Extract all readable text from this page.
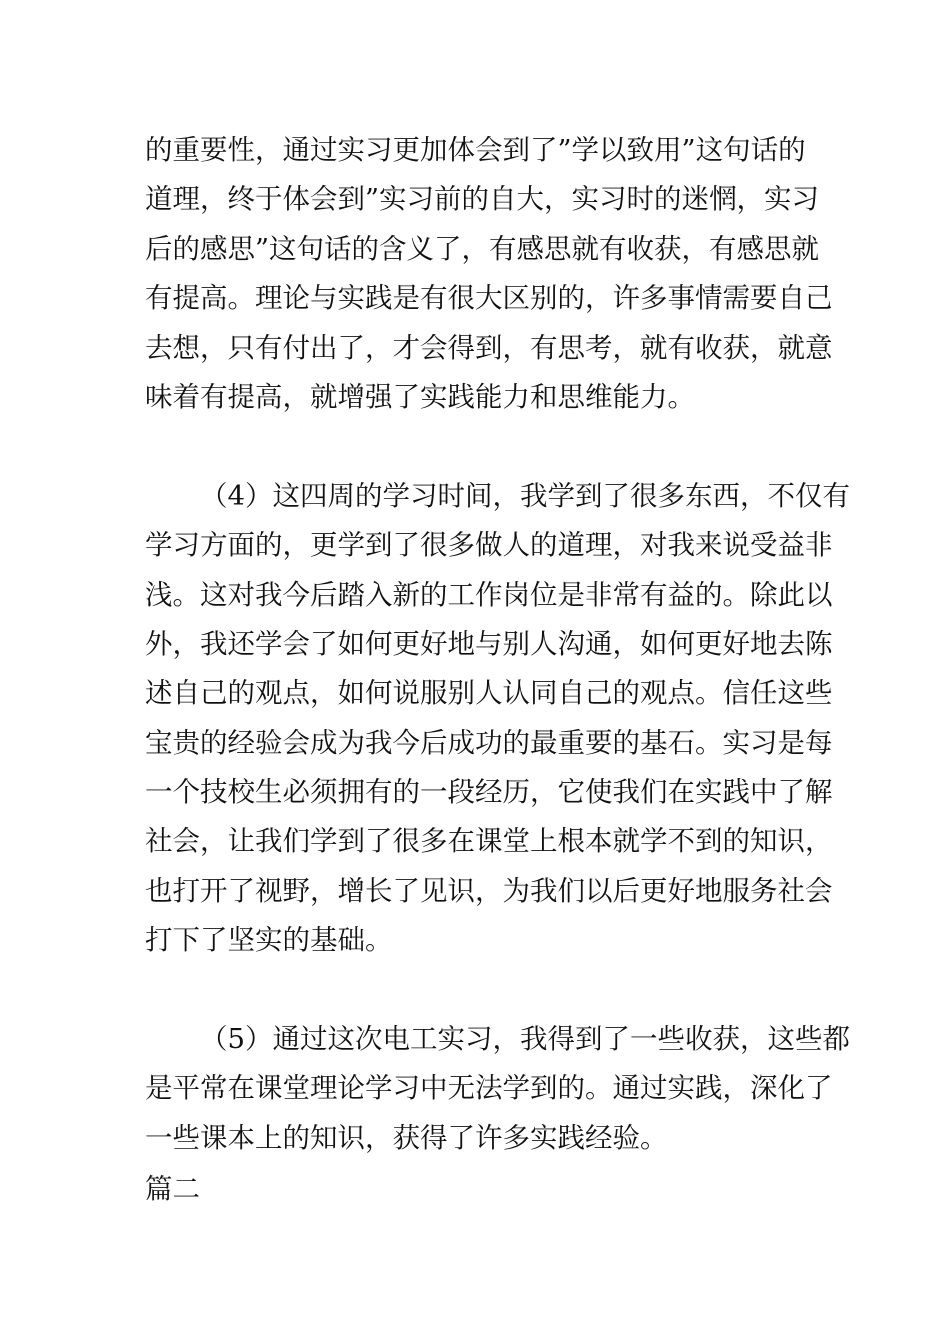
的重要性，通过实习更加体会到了”学以致用”这句话的
道理，终于体会到”实习前的自大，实习时的迷惘，实习
后的感思”这句话的含义了，有感思就有收获，有感思就
有提高。理论与实践是有很大区别的，许多事情需要自己
去想，只有付出了，才会得到，有思考，就有收获，就意
味着有提高，就增强了实践能力和思维能力。
（4）这四周的学习时间，我学到了很多东西，不仅有
学习方面的，更学到了很多做人的道理，对我来说受益非
浅。这对我今后踏入新的工作岗位是非常有益的。除此以
外，我还学会了如何更好地与别人沟通，如何更好地去陈
述自己的观点，如何说服别人认同自己的观点。信任这些
宝贵的经验会成为我今后成功的最重要的基石。实习是每
一个技校生必须拥有的一段经历，它使我们在实践中了解
社会，让我们学到了很多在课堂上根本就学不到的知识，
也打开了视野，增长了见识，为我们以后更好地服务社会
打下了坚实的基础。
（5）通过这次电工实习，我得到了一些收获，这些都
是平常在课堂理论学习中无法学到的。通过实践，深化了
一些课本上的知识，获得了许多实践经验。
篇二
